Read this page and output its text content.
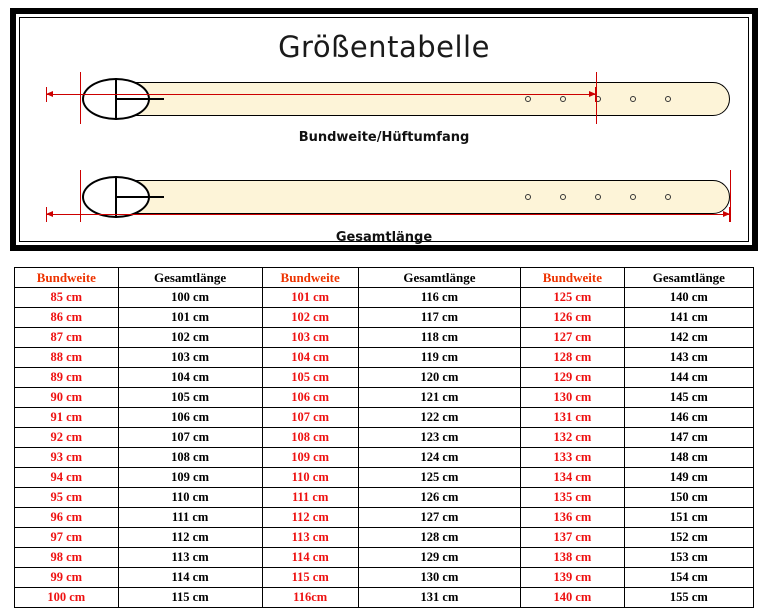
Größentabelle
Bundweite/Hüftumfang
Gesamtlänge
Bundweite	Gesamtlänge	Bundweite	Gesamtlänge	Bundweite	Gesamtlänge
85 cm	100 cm	101 cm	116 cm	125 cm	140 cm
86 cm	101 cm	102 cm	117 cm	126 cm	141 cm
87 cm	102 cm	103 cm	118 cm	127 cm	142 cm
88 cm	103 cm	104 cm	119 cm	128 cm	143 cm
89 cm	104 cm	105 cm	120 cm	129 cm	144 cm
90 cm	105 cm	106 cm	121 cm	130 cm	145 cm
91 cm	106 cm	107 cm	122 cm	131 cm	146 cm
92 cm	107 cm	108 cm	123 cm	132 cm	147 cm
93 cm	108 cm	109 cm	124 cm	133 cm	148 cm
94 cm	109 cm	110 cm	125 cm	134 cm	149 cm
95 cm	110 cm	111 cm	126 cm	135 cm	150 cm
96 cm	111 cm	112 cm	127 cm	136 cm	151 cm
97 cm	112 cm	113 cm	128 cm	137 cm	152 cm
98 cm	113 cm	114 cm	129 cm	138 cm	153 cm
99 cm	114 cm	115 cm	130 cm	139 cm	154 cm
100 cm	115 cm	116cm	131 cm	140 cm	155 cm
